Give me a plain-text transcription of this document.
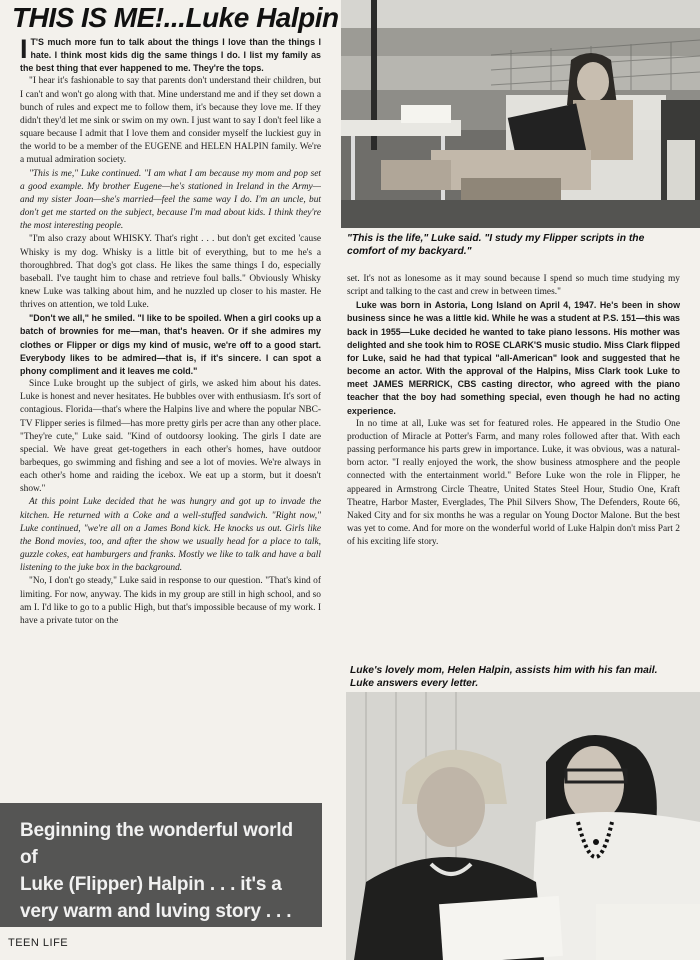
THIS IS ME!...Luke Halpin

I T'S much more fun to talk about the things I love than the things I hate. I think most kids dig the same things I do. I list my family as the best thing that ever happened to me. They're the tops.

"I hear it's fashionable to say that parents don't understand their children, but I can't and won't go along with that. Mine understand me and if they set down a bunch of rules and expect me to follow them, it's because they love me. If they didn't they'd let me sink or swim on my own. I just want to say I don't feel like a square because I admit that I love them and consider myself the luckiest guy in the world to be a member of the EUGENE and HELEN HALPIN family. We're a mutual admiration society.

"This is me," Luke continued. "I am what I am because my mom and pop set a good example. My brother Eugene—he's stationed in Ireland in the Army—and my sister Joan—she's married—feel the same way I do. I'm an uncle, but don't get me started on the subject, because I'm mad about kids. I think they're the most interesting people.

"I'm also crazy about WHISKY. That's right . . . but don't get excited 'cause Whisky is my dog. Whisky is a little bit of everything, but to me he's a thoroughbred. That dog's got class. He likes the same things I do, especially baseball. I've taught him to chase and retrieve foul balls." Obviously Whisky knew Luke was talking about him, and he nuzzled up closer to his master. He thrives on attention, we told Luke.

"Don't we all," he smiled. "I like to be spoiled. When a girl cooks up a batch of brownies for me—man, that's heaven. Or if she admires my clothes or Flipper or digs my kind of music, we're off to a good start. Everybody likes to be admired—that is, if it's sincere. I can spot a phony compliment and it leaves me cold."

Since Luke brought up the subject of girls, we asked him about his dates. Luke is honest and never hesitates. He bubbles over with enthusiasm. It's sort of contagious. Florida—that's where the Halpins live and where the popular NBC-TV Flipper series is filmed—has more pretty girls per acre than any other place. "They're cute," Luke said. "Kind of outdoorsy looking. The girls I date are special. We have great get-togethers in each other's homes, have outdoor barbeques, go swimming and fishing and see a lot of movies. We're always in each other's home and raiding the icebox. We eat up a storm, but it doesn't show."

At this point Luke decided that he was hungry and got up to invade the kitchen. He returned with a Coke and a well-stuffed sandwich. "Right now," Luke continued, "we're all on a James Bond kick. He knocks us out. Girls like the Bond movies, too, and after the show we usually head for a place to talk, guzzle cokes, eat hamburgers and franks. Mostly we like to talk and have a ball listening to the juke box in the background.

"No, I don't go steady," Luke said in response to our question. "That's kind of limiting. For now, anyway. The kids in my group are still in high school, and so am I. I'd like to go to a public High, but that's impossible because of my work. I have a private tutor on the

"This is the life," Luke said. "I study my Flipper scripts in the comfort of my backyard."

set. It's not as lonesome as it may sound because I spend so much time studying my script and talking to the cast and crew in between times."

Luke was born in Astoria, Long Island on April 4, 1947. He's been in show business since he was a little kid. While he was a student at P.S. 151—this was back in 1955—Luke decided he wanted to take piano lessons. His mother was delighted and she took him to ROSE CLARK'S music studio. Miss Clark flipped for Luke, said he had that typical "all-American" look and suggested that he become an actor. With the approval of the Halpins, Miss Clark took Luke to meet JAMES MERRICK, CBS casting director, who agreed with the piano teacher that the boy had something special, even though he had no acting experience.

In no time at all, Luke was set for featured roles. He appeared in the Studio One production of Miracle at Potter's Farm, and many roles followed after that. With each passing performance his parts grew in importance. Luke, it was obvious, was a natural-born actor. "I really enjoyed the work, the show business atmosphere and the people connected with the entertainment world." Before Luke won the role in Flipper, he appeared in Armstrong Circle Theatre, United States Steel Hour, Studio One, Kraft Theatre, Harbor Master, Everglades, The Phil Silvers Show, The Defenders, Route 66, Naked City and for six months he was a regular on Young Doctor Malone. But the best was yet to come. And for more on the wonderful world of Luke Halpin don't miss Part 2 of his exciting life story.

Luke's lovely mom, Helen Halpin, assists him with his fan mail. Luke answers every letter.
Beginning the wonderful world of
Luke (Flipper) Halpin . . . it's a
very warm and luving story . . .
TEEN LIFE
